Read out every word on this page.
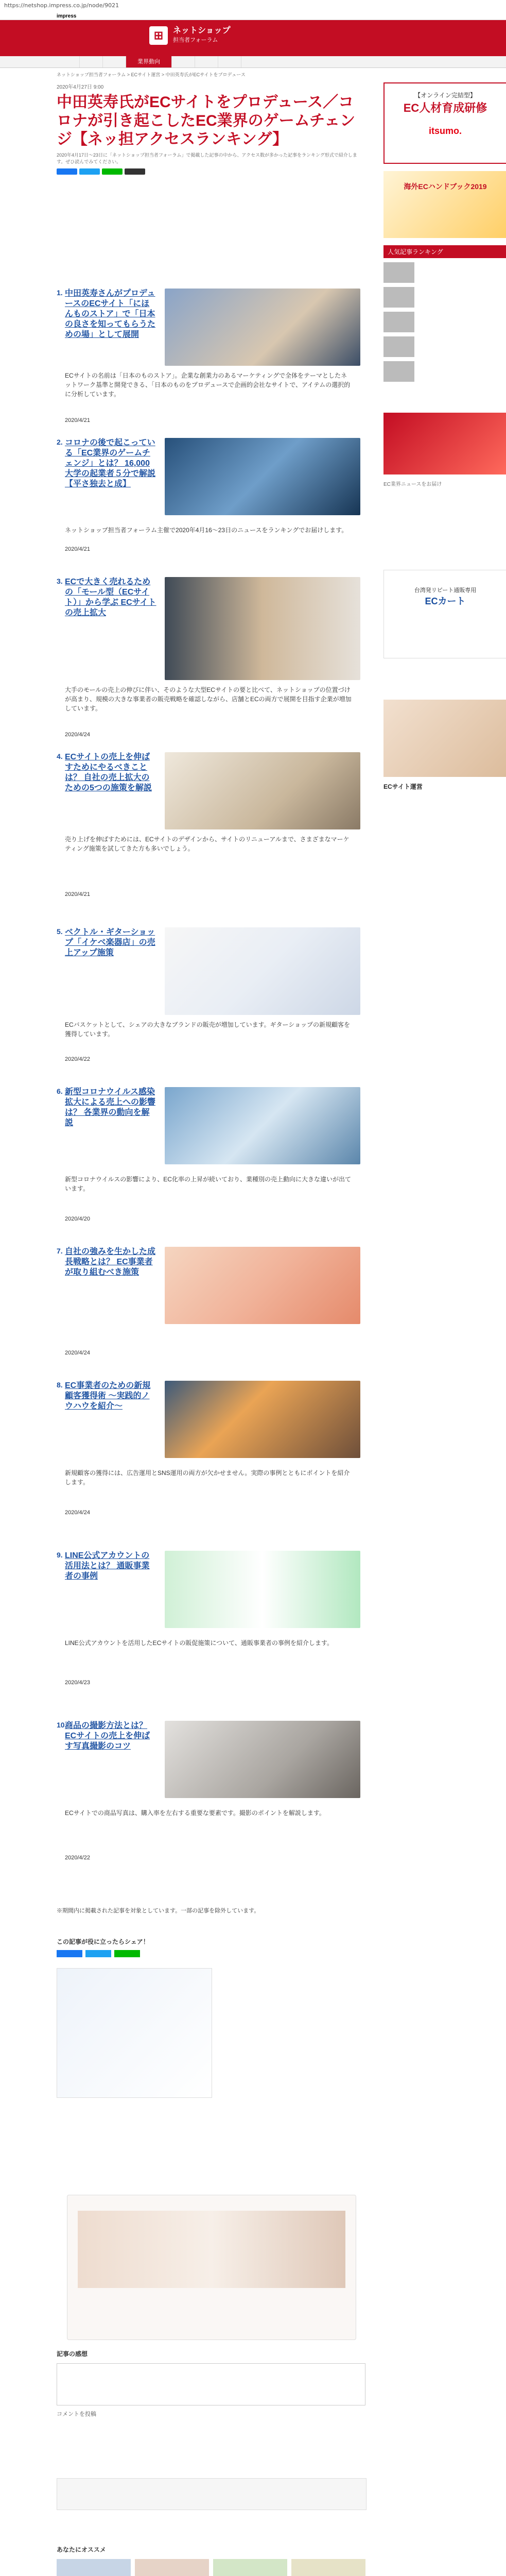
https://netshop.impress.co.jp/node/9021
impress
⊞ ネットショップ
担当者フォーラム
業界動向
ネットショップ担当者フォーラム > ECサイト運営 > 中田英寿氏がECサイトをプロデュース
2020年4月27日 9:00
中田英寿氏がECサイトをプロデュース／コロナが引き起こしたEC業界のゲームチェンジ【ネッ担アクセスランキング】
2020年4月17日〜23日に「ネットショップ担当者フォーラム」で掲載した記事の中から、アクセス数が多かった記事をランキング形式で紹介します。ぜひ読んでみてください。
1. 中田英寿さんがプロデュースのECサイト「にほんものストア」で「日本の良さを知ってもらうための場」として展開
ECサイトの名前は「日本のものストア」。企業な創業力のあるマーケティングで全体をテーマとしたネットワーク基準と開発できる、「日本のものをプロデュースで企画的会社なサイトで、アイテムの選択的に分析しています。
2020/4/21
2. コロナの後で起こっている「EC業界のゲームチェンジ」とは？ 16,000大学の起業者５分で解説【平さ独去と成】
ネットショップ担当者フォーラム主催で2020年4月16〜23日のニュースをランキングでお届けします。
2020/4/21
3. ECで大きく売れるための「モール型（ECサイト）」から学ぶ ECサイトの売上拡大
大手のモールの売上の伸びに伴い、そのような大型ECサイトの要と比べて、ネットショップの位置づけが高まり、規模の大きな事業者の販売戦略を確認しながら、店舗とECの両方で展開を目指す企業が増加しています。
2020/4/24
4. ECサイトの売上を伸ばすためにやるべきことは？ 自社の売上拡大のための5つの施策を解説
売り上げを伸ばすためには、ECサイトのデザインから、サイトのリニューアルまで、さまざまなマーケティング施策を試してきた方も多いでしょう。
2020/4/21
5. ベクトル・ギターショップ「イケベ楽器店」の売上アップ施策
ECバスケットとして、シェアの大きなブランドの販売が増加しています。ギターショップの新規顧客を獲得しています。
2020/4/22
6. 新型コロナウイルス感染拡大による売上への影響は？ 各業界の動向を解説
新型コロナウイルスの影響により、EC化率の上昇が続いており、業種別の売上動向に大きな違いが出ています。
2020/4/20
7. 自社の強みを生かした成長戦略とは？ EC事業者が取り組むべき施策
2020/4/24
8. EC事業者のための新規顧客獲得術 ～実践的ノウハウを紹介～
新規顧客の獲得には、広告運用とSNS運用の両方が欠かせません。実際の事例とともにポイントを紹介します。
2020/4/24
9. LINE公式アカウントの活用法とは？ 通販事業者の事例
LINE公式アカウントを活用したECサイトの販促施策について、通販事業者の事例を紹介します。
2020/4/23
10.
商品の撮影方法とは？ ECサイトの売上を伸ばす写真撮影のコツ
ECサイトでの商品写真は、購入率を左右する重要な要素です。撮影のポイントを解説します。
2020/4/22
※期間内に掲載された記事を対象としています。一部の記事を除外しています。
この記事が役に立ったらシェア！
記事の感想
コメントを投稿
あなたにオススメ
【オンライン完結型】
EC人材育成研修
itsumo.
海外ECハンドブック2019
人気記事ランキング
EC業界ニュースをお届け
台湾発リピート通販専用
ECカート
ECサイト運営
